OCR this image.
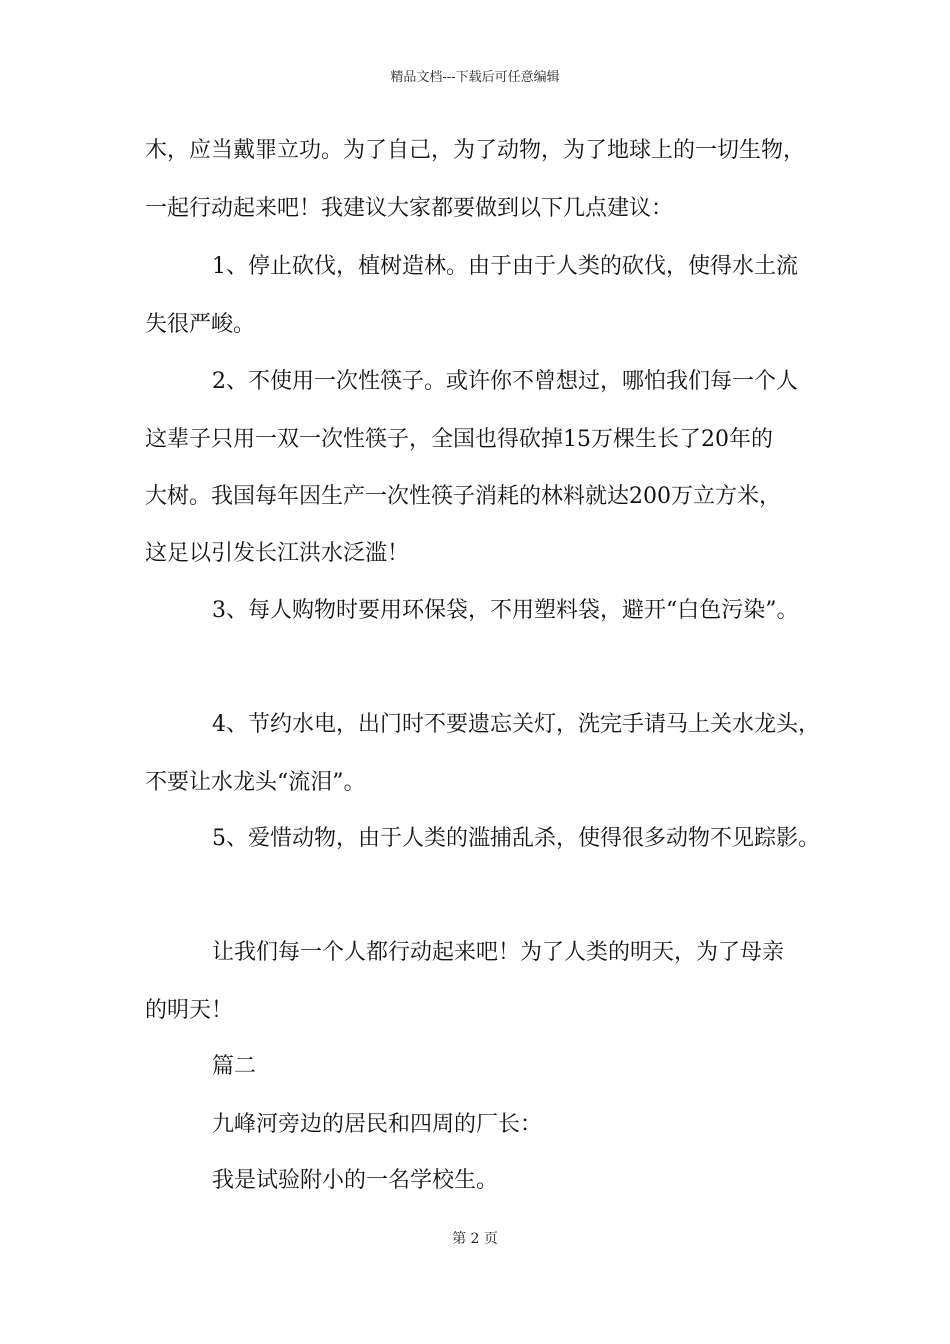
精品文档---下载后可任意编辑
木，应当戴罪立功。为了自己，为了动物，为了地球上的一切生物，
一起行动起来吧！我建议大家都要做到以下几点建议：
1、停止砍伐，植树造林。由于由于人类的砍伐，使得水土流
失很严峻。
2、不使用一次性筷子。或许你不曾想过，哪怕我们每一个人
这辈子只用一双一次性筷子，全国也得砍掉15万棵生长了20年的
大树。我国每年因生产一次性筷子消耗的林料就达200万立方米，
这足以引发长江洪水泛滥！
3、每人购物时要用环保袋，不用塑料袋，避开“白色污染”。
4、节约水电，出门时不要遗忘关灯，洗完手请马上关水龙头，
不要让水龙头“流泪”。
5、爱惜动物，由于人类的滥捕乱杀，使得很多动物不见踪影。
让我们每一个人都行动起来吧！为了人类的明天，为了母亲
的明天！
篇二
九峰河旁边的居民和四周的厂长：
我是试验附小的一名学校生。
第 2 页
